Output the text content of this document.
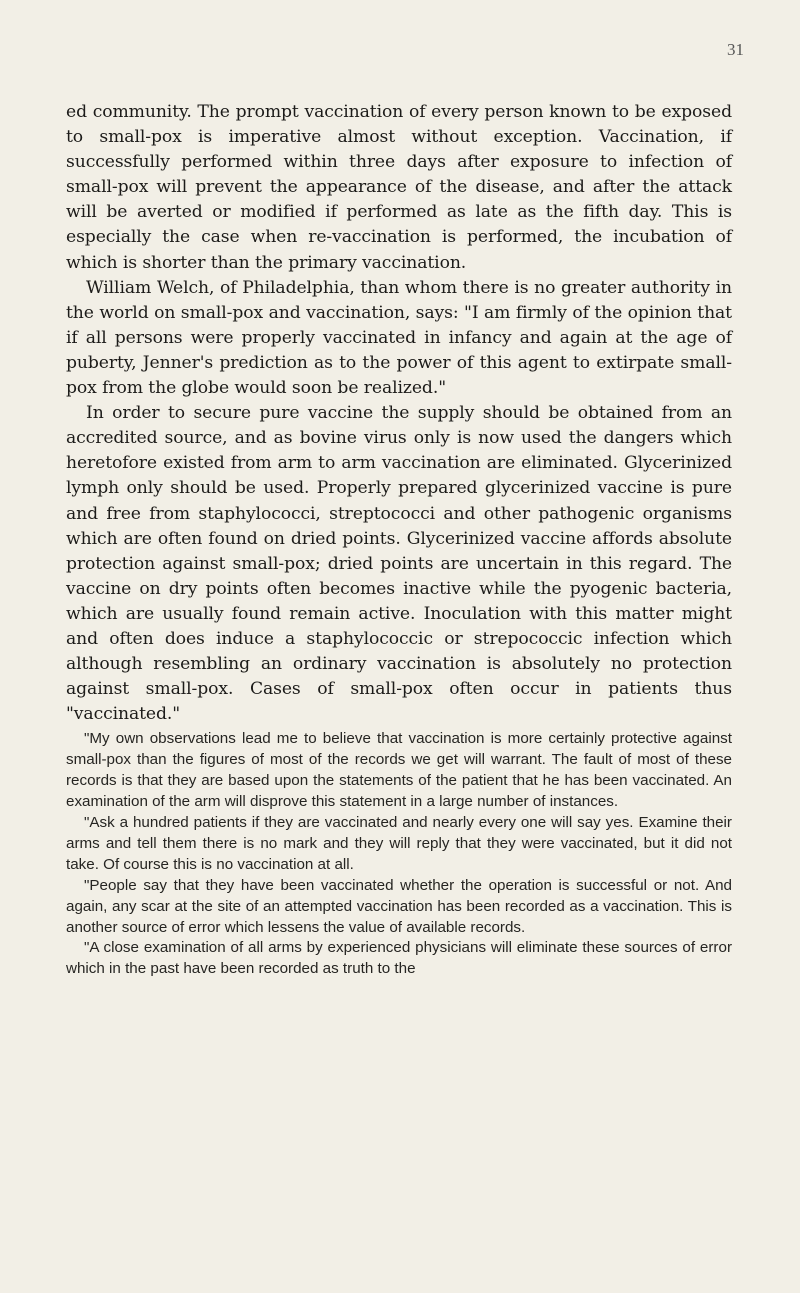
31

ed community. The prompt vaccination of every person known to be exposed to small-pox is imperative almost without exception. Vaccination, if successfully performed within three days after exposure to infection of small-pox will prevent the appearance of the disease, and after the attack will be averted or modified if performed as late as the fifth day. This is especially the case when re-vaccination is performed, the incubation of which is shorter than the primary vaccination.

William Welch, of Philadelphia, than whom there is no greater authority in the world on small-pox and vaccination, says: "I am firmly of the opinion that if all persons were properly vaccinated in infancy and again at the age of puberty, Jenner's prediction as to the power of this agent to extirpate small-pox from the globe would soon be realized."

In order to secure pure vaccine the supply should be obtained from an accredited source, and as bovine virus only is now used the dangers which heretofore existed from arm to arm vaccination are eliminated. Glycerinized lymph only should be used. Properly prepared glycerinized vaccine is pure and free from staphylococci, streptococci and other pathogenic organisms which are often found on dried points. Glycerinized vaccine affords absolute protection against small-pox; dried points are uncertain in this regard. The vaccine on dry points often becomes inactive while the pyogenic bacteria, which are usually found remain active. Inoculation with this matter might and often does induce a staphylococcic or strepococcic infection which although resembling an ordinary vaccination is absolutely no protection against small-pox. Cases of small-pox often occur in patients thus "vaccinated."

"My own observations lead me to believe that vaccination is more certainly protective against small-pox than the figures of most of the records we get will warrant. The fault of most of these records is that they are based upon the statements of the patient that he has been vaccinated. An examination of the arm will disprove this statement in a large number of instances.

"Ask a hundred patients if they are vaccinated and nearly every one will say yes. Examine their arms and tell them there is no mark and they will reply that they were vaccinated, but it did not take. Of course this is no vaccination at all.

"People say that they have been vaccinated whether the operation is successful or not. And again, any scar at the site of an attempted vaccination has been recorded as a vaccination. This is another source of error which lessens the value of available records.

"A close examination of all arms by experienced physicians will eliminate these sources of error which in the past have been recorded as truth to the
